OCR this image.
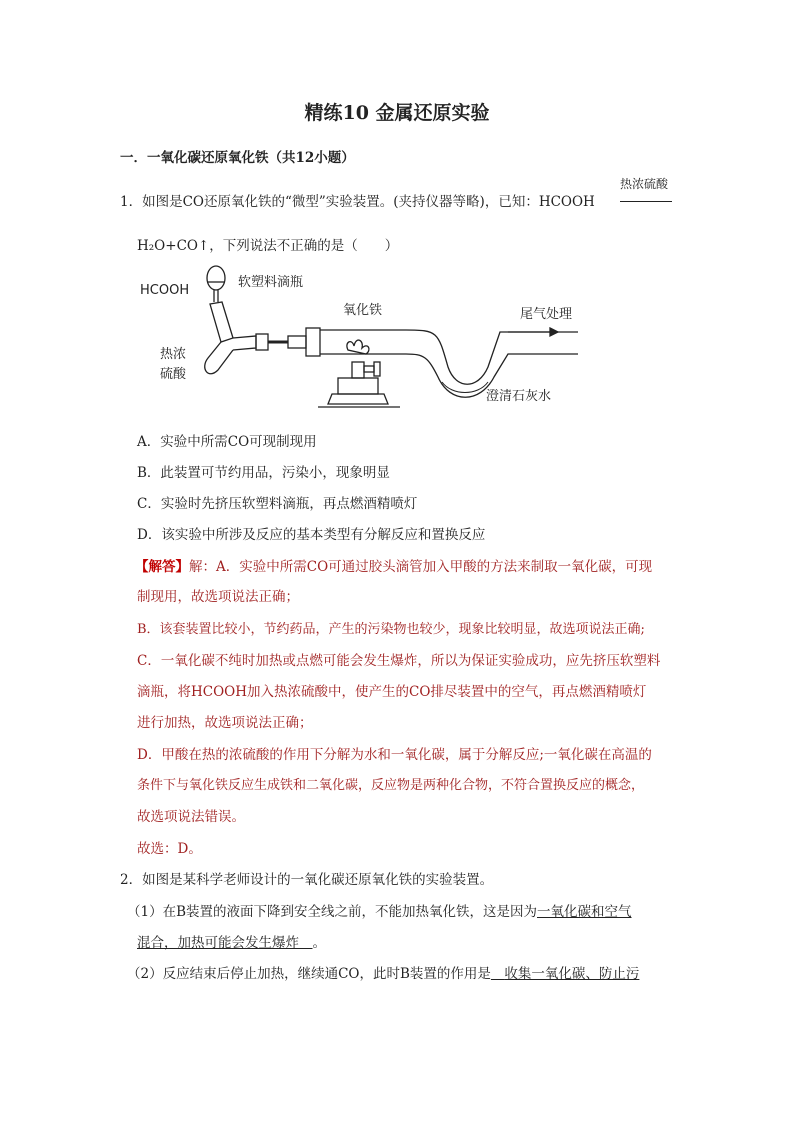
精练10 金属还原实验
一．一氧化碳还原氧化铁（共12小题）
热浓硫酸
1．如图是CO还原氧化铁的“微型”实验装置。(夹持仪器等略)，已知：HCOOH
H₂O+CO↑，下列说法不正确的是（　　）
HCOOH
软塑料滴瓶
氧化铁	尾气处理
热浓
硫酸
澄清石灰水
A．实验中所需CO可现制现用
B．此装置可节约用品，污染小，现象明显
C．实验时先挤压软塑料滴瓶，再点燃酒精喷灯
D．该实验中所涉及反应的基本类型有分解反应和置换反应
【解答】解：A．实验中所需CO可通过胶头滴管加入甲酸的方法来制取一氧化碳，可现
制现用，故选项说法正确；
B．该套装置比较小，节约药品，产生的污染物也较少，现象比较明显，故选项说法正确;
C．一氧化碳不纯时加热或点燃可能会发生爆炸，所以为保证实验成功，应先挤压软塑料
滴瓶，将HCOOH加入热浓硫酸中，使产生的CO排尽装置中的空气，再点燃酒精喷灯
进行加热，故选项说法正确；
D．甲酸在热的浓硫酸的作用下分解为水和一氧化碳，属于分解反应;一氧化碳在高温的
条件下与氧化铁反应生成铁和二氧化碳，反应物是两种化合物，不符合置换反应的概念，
故选项说法错误。
故选：D。
2．如图是某科学老师设计的一氧化碳还原氧化铁的实验装置。
（1）在B装置的液面下降到安全线之前，不能加热氧化铁，这是因为一氧化碳和空气
混合，加热可能会发生爆炸　 。
（2）反应结束后停止加热，继续通CO，此时B装置的作用是　 收集一氧化碳、防止污
